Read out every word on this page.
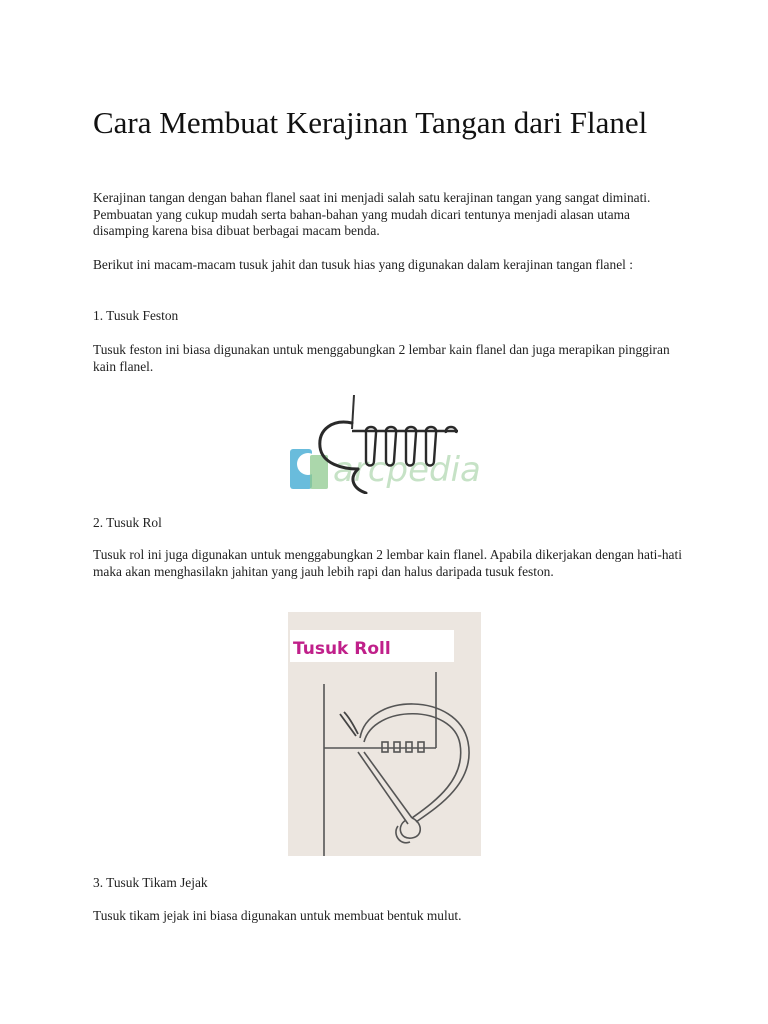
Cara Membuat Kerajinan Tangan dari Flanel

Kerajinan tangan dengan bahan flanel saat ini menjadi salah satu kerajinan tangan yang sangat diminati. Pembuatan yang cukup mudah serta bahan-bahan yang mudah dicari tentunya menjadi alasan utama disamping karena bisa dibuat berbagai macam benda.

Berikut ini macam-macam tusuk jahit dan tusuk hias yang digunakan dalam kerajinan tangan flanel :

1. Tusuk Feston

Tusuk feston ini biasa digunakan untuk menggabungkan 2 lembar kain flanel dan juga merapikan pinggiran kain flanel.

arcpedia

2. Tusuk Rol

Tusuk rol ini juga digunakan untuk menggabungkan 2 lembar kain flanel. Apabila dikerjakan dengan hati-hati maka akan menghasilakn jahitan yang jauh lebih rapi dan halus daripada tusuk feston.

Tusuk Roll

3. Tusuk Tikam Jejak

Tusuk tikam jejak ini biasa digunakan untuk membuat bentuk mulut.
